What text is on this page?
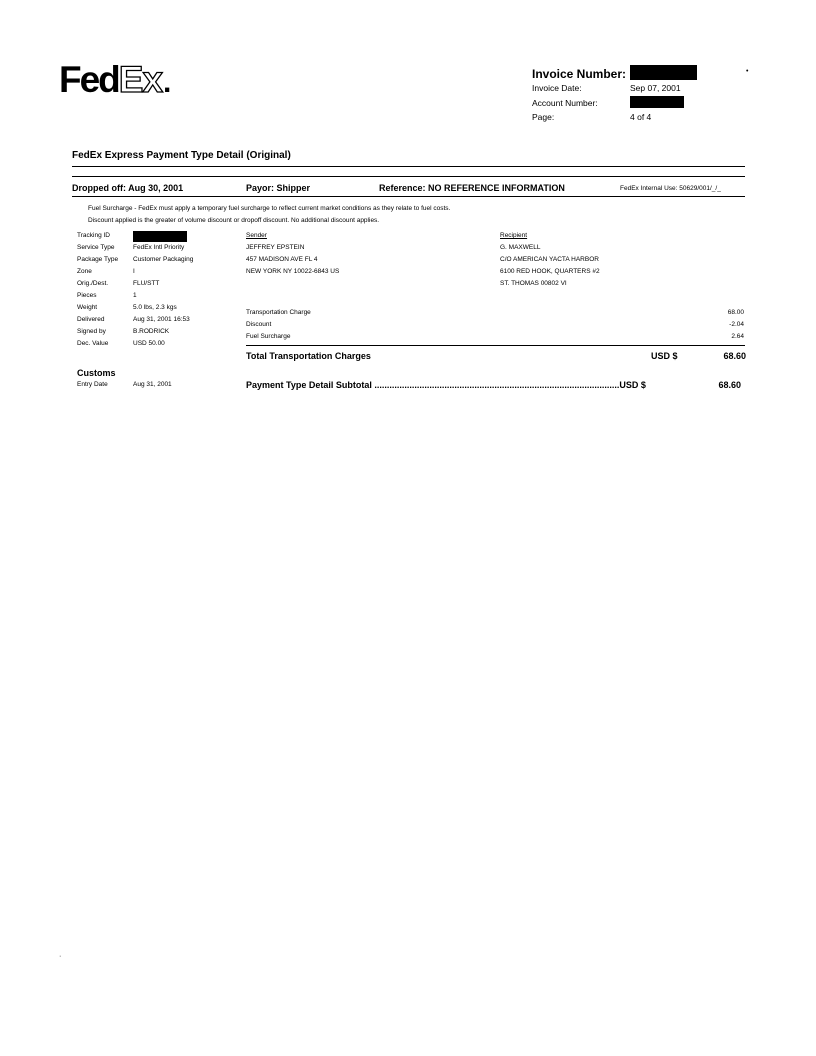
FedEx.	Invoice Number:	•
Invoice Date:	Sep 07, 2001
Account Number:
Page:	4 of 4
FedEx Express Payment Type Detail (Original)
Dropped off: Aug 30, 2001	Payor: Shipper	Reference: NO REFERENCE INFORMATION	FedEx Internal Use: 50629/001/_/_
Fuel Surcharge - FedEx must apply a temporary fuel surcharge to reflect current market conditions as they relate to fuel costs.
Discount applied is the greater of volume discount or dropoff discount. No additional discount applies.
Tracking ID
Service Type	FedEx Intl Priority
Package Type Customer Packaging
Zone	I
Orig./Dest.	FLU/STT
Pieces	1
Weight	5.0 lbs, 2.3 kgs
Delivered	Aug 31, 2001 16:53
Signed by	B.RODRICK
Dec. Value	USD 50.00
Sender
JEFFREY EPSTEIN
457 MADISON AVE FL 4
NEW YORK NY 10022-6843 US
Recipient
G. MAXWELL
C/O AMERICAN YACTA HARBOR
6100 RED HOOK, QUARTERS #2
ST. THOMAS 00802 VI
Transportation Charge	68.00
Discount	-2.04
Fuel Surcharge	2.64
Total Transportation Charges	USD $	68.60
Customs
Entry Date	Aug 31, 2001	Payment Type Detail Subtotal ..................................................................................................USD $	68.60
·
